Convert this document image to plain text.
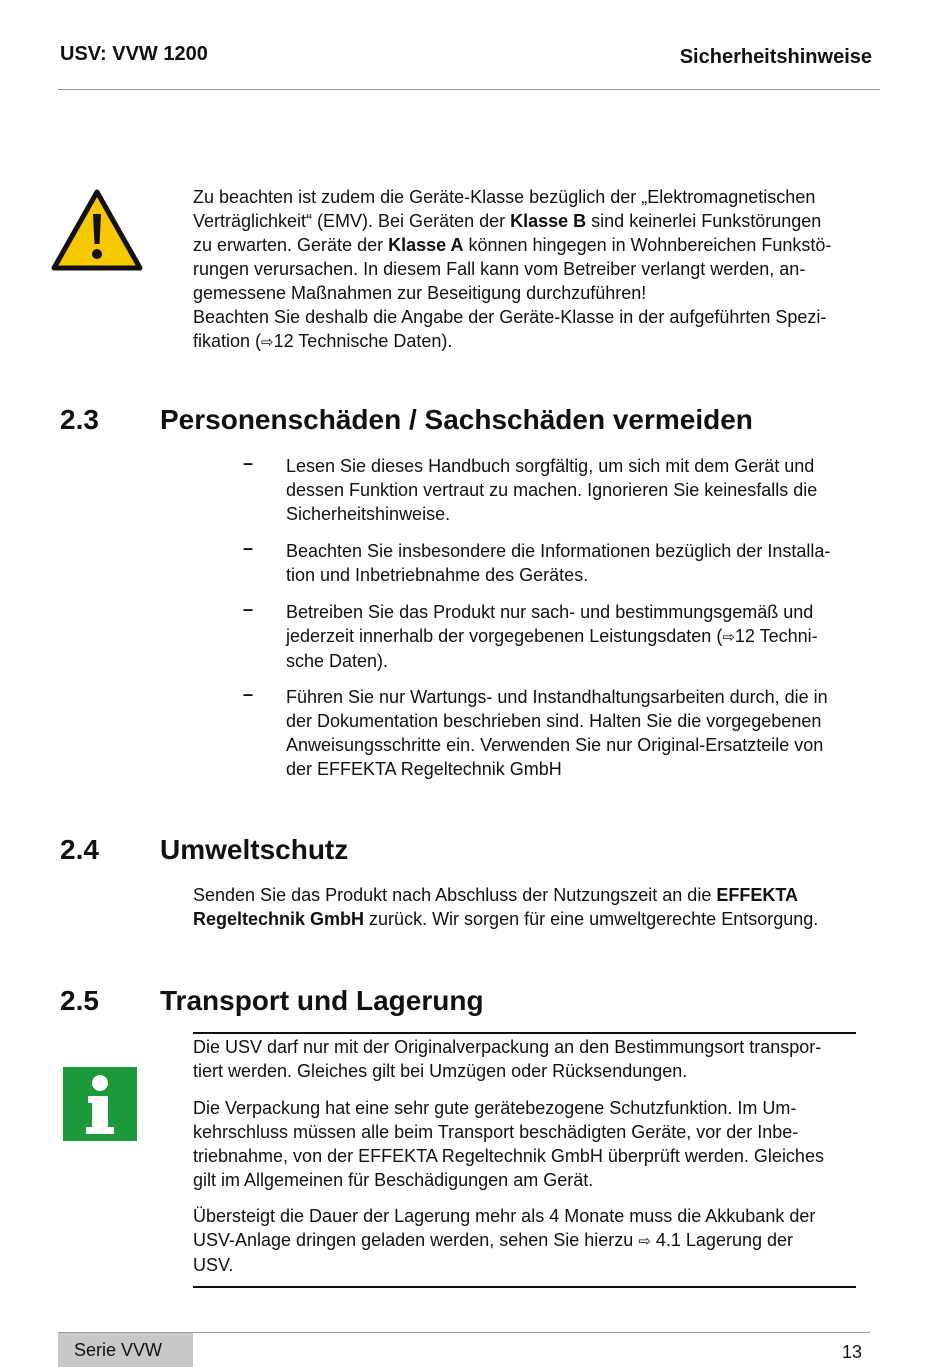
USV: VVW 1200	Sicherheitshinweise

Zu beachten ist zudem die Geräte-Klasse bezüglich der „Elektromagnetischen

Verträglichkeit“ (EMV). Bei Geräten der Klasse B sind keinerlei Funkstörungen

zu erwarten. Geräte der Klasse A können hingegen in Wohnbereichen Funkstö-

rungen verursachen. In diesem Fall kann vom Betreiber verlangt werden, an-

gemessene Maßnahmen zur Beseitigung durchzuführen!

Beachten Sie deshalb die Angabe der Geräte-Klasse in der aufgeführten Spezi-

fikation (⇨12 Technische Daten).

2.3 Personenschäden / Sachschäden vermeiden
– Lesen Sie dieses Handbuch sorgfältig, um sich mit dem Gerät und
dessen Funktion vertraut zu machen. Ignorieren Sie keinesfalls die
Sicherheitshinweise.
– Beachten Sie insbesondere die Informationen bezüglich der Installa-
tion und Inbetriebnahme des Gerätes.
– Betreiben Sie das Produkt nur sach- und bestimmungsgemäß und
jederzeit innerhalb der vorgegebenen Leistungsdaten (⇨12 Techni-
sche Daten).
– Führen Sie nur Wartungs- und Instandhaltungsarbeiten durch, die in
der Dokumentation beschrieben sind. Halten Sie die vorgegebenen
Anweisungsschritte ein. Verwenden Sie nur Original-Ersatzteile von
der EFFEKTA Regeltechnik GmbH
2.4 Umweltschutz

Senden Sie das Produkt nach Abschluss der Nutzungszeit an die EFFEKTA

Regeltechnik GmbH zurück. Wir sorgen für eine umweltgerechte Entsorgung.

2.5 Transport und Lagerung

Die USV darf nur mit der Originalverpackung an den Bestimmungsort transpor-

tiert werden. Gleiches gilt bei Umzügen oder Rücksendungen.

Die Verpackung hat eine sehr gute gerätebezogene Schutzfunktion. Im Um-

kehrschluss müssen alle beim Transport beschädigten Geräte, vor der Inbe-

triebnahme, von der EFFEKTA Regeltechnik GmbH überprüft werden. Gleiches

gilt im Allgemeinen für Beschädigungen am Gerät.

Übersteigt die Dauer der Lagerung mehr als 4 Monate muss die Akkubank der

USV-Anlage dringen geladen werden, sehen Sie hierzu ⇨ 4.1 Lagerung der

USV.

Serie VVW	13
